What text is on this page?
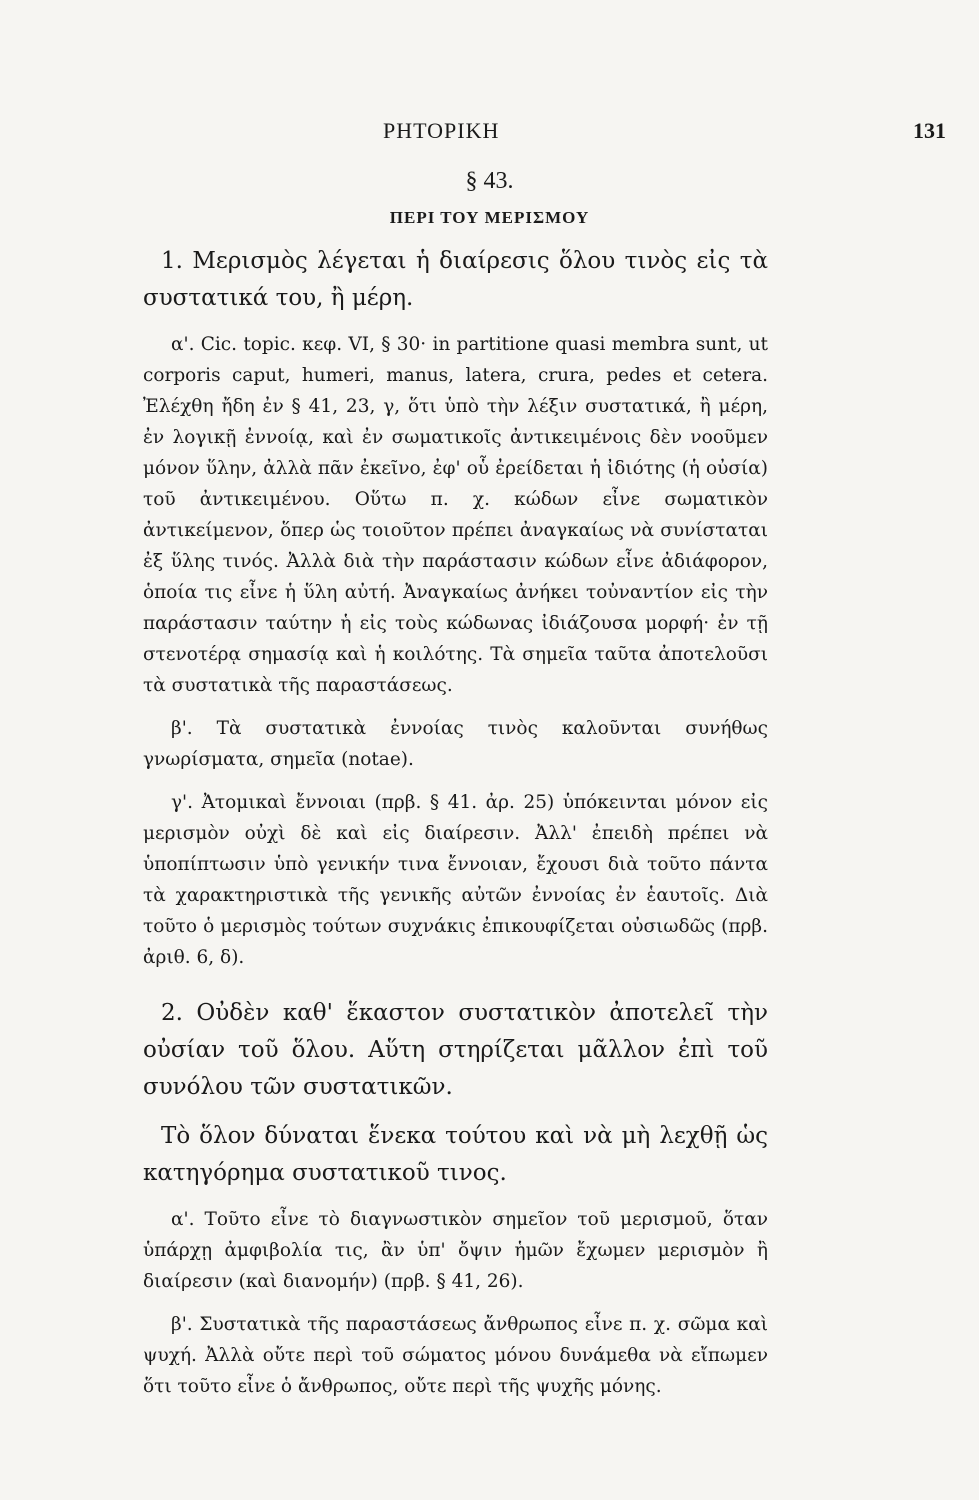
ΡΗΤΟΡΙΚΗ	131
§ 43.
ΠΕΡΙ ΤΟΥ ΜΕΡΙΣΜΟΥ

1. Μερισμὸς λέγεται ἡ διαίρεσις ὅλου τινὸς εἰς τὰ συστατικά του, ἢ μέρη.

α'. Cic. topic. κεφ. VI, § 30· in partitione quasi membra sunt, ut corporis caput, humeri, manus, latera, crura, pedes et cetera. Ἐλέχθη ἤδη ἐν § 41, 23, γ, ὅτι ὑπὸ τὴν λέξιν συστατικά, ἢ μέρη, ἐν λογικῇ ἐννοίᾳ, καὶ ἐν σωματικοῖς ἀντικειμένοις δὲν νοοῦμεν μόνον ὕλην, ἀλλὰ πᾶν ἐκεῖνο, ἐφ' οὗ ἐρείδεται ἡ ἰδιότης (ἡ οὐσία) τοῦ ἀντικειμένου. Οὕτω π. χ. κώδων εἶνε σωματικὸν ἀντικείμενον, ὅπερ ὡς τοιοῦτον πρέπει ἀναγκαίως νὰ συνίσταται ἐξ ὕλης τινός. Ἀλλὰ διὰ τὴν παράστασιν κώδων εἶνε ἀδιάφορον, ὁποία τις εἶνε ἡ ὕλη αὐτή. Ἀναγκαίως ἀνήκει τοὐναντίον εἰς τὴν παράστασιν ταύτην ἡ εἰς τοὺς κώδωνας ἰδιάζουσα μορφή· ἐν τῇ στενοτέρᾳ σημασίᾳ καὶ ἡ κοιλότης. Τὰ σημεῖα ταῦτα ἀποτελοῦσι τὰ συστατικὰ τῆς παραστάσεως.

β'. Τὰ συστατικὰ ἐννοίας τινὸς καλοῦνται συνήθως γνωρίσματα, σημεῖα (notae).

γ'. Ἀτομικαὶ ἔννοιαι (πρβ. § 41. ἀρ. 25) ὑπόκεινται μόνον εἰς μερισμὸν οὐχὶ δὲ καὶ εἰς διαίρεσιν. Ἀλλ' ἐπειδὴ πρέπει νὰ ὑποπίπτωσιν ὑπὸ γενικήν τινα ἔννοιαν, ἔχουσι διὰ τοῦτο πάντα τὰ χαρακτηριστικὰ τῆς γενικῆς αὐτῶν ἐννοίας ἐν ἑαυτοῖς. Διὰ τοῦτο ὁ μερισμὸς τούτων συχνάκις ἐπικουφίζεται οὐσιωδῶς (πρβ. ἀριθ. 6, δ).

2. Οὐδὲν καθ' ἕκαστον συστατικὸν ἀποτελεῖ τὴν οὐσίαν τοῦ ὅλου. Αὕτη στηρίζεται μᾶλλον ἐπὶ τοῦ συνόλου τῶν συστατικῶν.

Τὸ ὅλον δύναται ἕνεκα τούτου καὶ νὰ μὴ λεχθῇ ὡς κατηγόρημα συστατικοῦ τινος.

α'. Τοῦτο εἶνε τὸ διαγνωστικὸν σημεῖον τοῦ μερισμοῦ, ὅταν ὑπάρχῃ ἀμφιβολία τις, ἂν ὑπ' ὄψιν ἡμῶν ἔχωμεν μερισμὸν ἢ διαίρεσιν (καὶ διανομήν) (πρβ. § 41, 26).

β'. Συστατικὰ τῆς παραστάσεως ἄνθρωπος εἶνε π. χ. σῶμα καὶ ψυχή. Ἀλλὰ οὔτε περὶ τοῦ σώματος μόνου δυνάμεθα νὰ εἴπωμεν ὅτι τοῦτο εἶνε ὁ ἄνθρωπος, οὔτε περὶ τῆς ψυχῆς μόνης.
